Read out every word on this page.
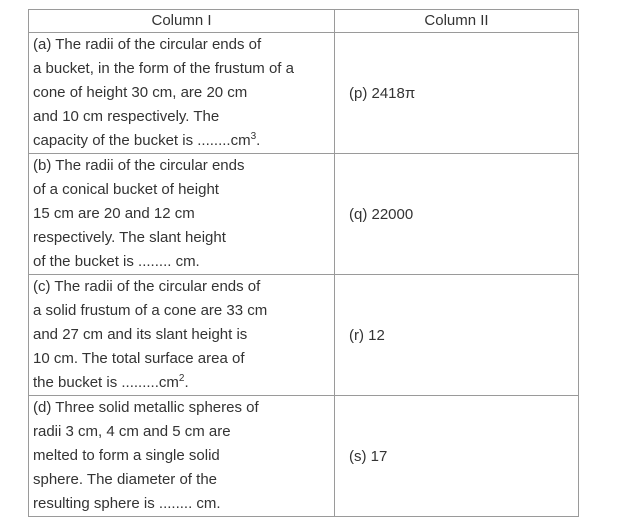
Column I	Column II

(a) The radii of the circular ends of
a bucket, in the form of the frustum of a
cone of height 30 cm, are 20 cm
and 10 cm respectively. The
capacity of the bucket is $........cm^3$.	(p) 2418π

(b) The radii of the circular ends
of a conical bucket of height
15 cm are 20 and 12 cm
respectively. The slant height
of the bucket is ........ cm.	(q) 22000

(c) The radii of the circular ends of
a solid frustum of a cone are 33 cm
and 27 cm and its slant height is
10 cm. The total surface area of
the bucket is $.........cm^2$.	(r) 12

(d) Three solid metallic spheres of
radii 3 cm, 4 cm and 5 cm are
melted to form a single solid
sphere. The diameter of the
resulting sphere is ........ cm.	(s) 17
